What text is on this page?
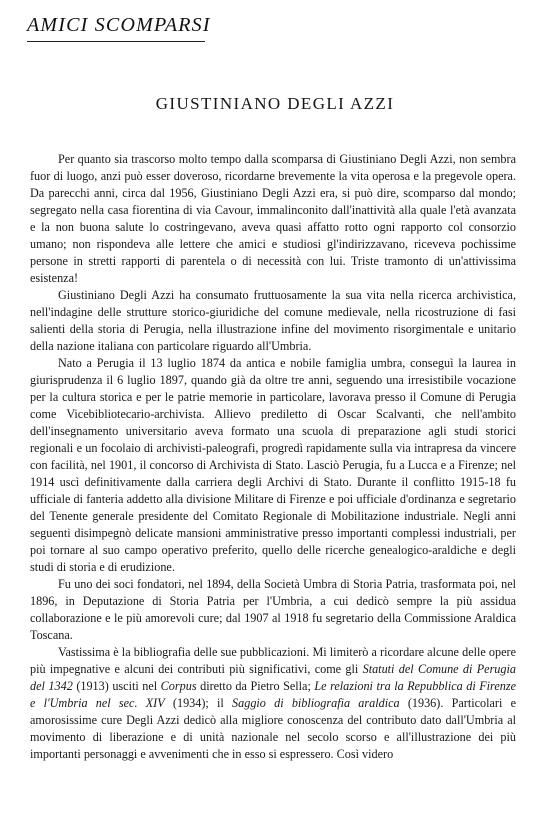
AMICI SCOMPARSI
GIUSTINIANO DEGLI AZZI

Per quanto sia trascorso molto tempo dalla scomparsa di Giustiniano Degli Azzi, non sembra fuor di luogo, anzi può esser doveroso, ricordarne brevemente la vita operosa e la pregevole opera. Da parecchi anni, circa dal 1956, Giustiniano Degli Azzi era, si può dire, scomparso dal mondo; segregato nella casa fiorentina di via Cavour, immalinconito dall'inattività alla quale l'età avanzata e la non buona salute lo costringevano, aveva quasi affatto rotto ogni rapporto col consorzio umano; non rispondeva alle lettere che amici e studiosi gl'indirizzavano, riceveva pochissime persone in stretti rapporti di parentela o di necessità con lui. Triste tramonto di un'attivissima esistenza!

Giustiniano Degli Azzi ha consumato fruttuosamente la sua vita nella ricerca archivistica, nell'indagine delle strutture storico-giuridiche del comune medievale, nella ricostruzione di fasi salienti della storia di Perugia, nella illustrazione infine del movimento risorgimentale e unitario della nazione italiana con particolare riguardo all'Umbria.

Nato a Perugia il 13 luglio 1874 da antica e nobile famiglia umbra, conseguì la laurea in giurisprudenza il 6 luglio 1897, quando già da oltre tre anni, seguendo una irresistibile vocazione per la cultura storica e per le patrie memorie in particolare, lavorava presso il Comune di Perugia come Vicebibliotecario-archivista. Allievo prediletto di Oscar Scalvanti, che nell'ambito dell'insegnamento universitario aveva formato una scuola di preparazione agli studi storici regionali e un focolaio di archivisti-paleografi, progredì rapidamente sulla via intrapresa da vincere con facilità, nel 1901, il concorso di Archivista di Stato. Lasciò Perugia, fu a Lucca e a Firenze; nel 1914 uscì definitivamente dalla carriera degli Archivi di Stato. Durante il conflitto 1915-18 fu ufficiale di fanteria addetto alla divisione Militare di Firenze e poi ufficiale d'ordinanza e segretario del Tenente generale presidente del Comitato Regionale di Mobilitazione industriale. Negli anni seguenti disimpegnò delicate mansioni amministrative presso importanti complessi industriali, per poi tornare al suo campo operativo preferito, quello delle ricerche genealogico-araldiche e degli studi di storia e di erudizione.

Fu uno dei soci fondatori, nel 1894, della Società Umbra di Storia Patria, trasformata poi, nel 1896, in Deputazione di Storia Patria per l'Umbria, a cui dedicò sempre la più assidua collaborazione e le più amorevoli cure; dal 1907 al 1918 fu segretario della Commissione Araldica Toscana.

Vastissima è la bibliografia delle sue pubblicazioni. Mi limiterò a ricordare alcune delle opere più impegnative e alcuni dei contributi più significativi, come gli Statuti del Comune di Perugia del 1342 (1913) usciti nel Corpus diretto da Pietro Sella; Le relazioni tra la Repubblica di Firenze e l'Umbria nel sec. XIV (1934); il Saggio di bibliografia araldica (1936). Particolari e amorosissime cure Degli Azzi dedicò alla migliore conoscenza del contributo dato dall'Umbria al movimento di liberazione e di unità nazionale nel secolo scorso e all'illustrazione dei più importanti personaggi e avvenimenti che in esso si espressero. Così videro
